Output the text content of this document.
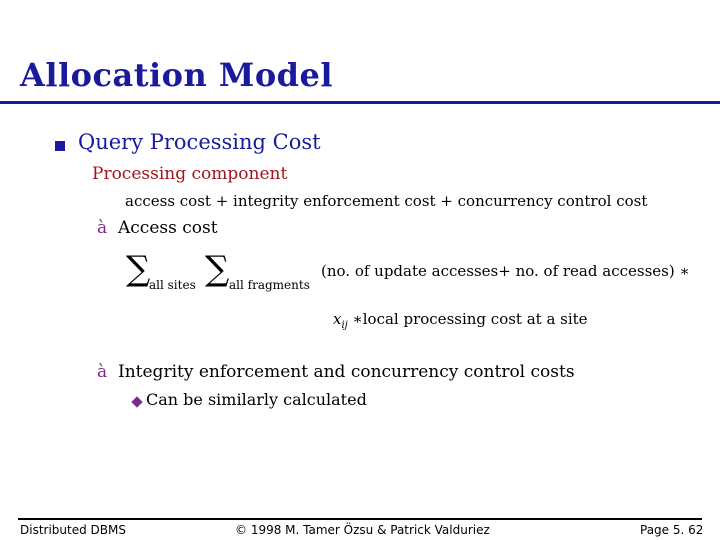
Allocation Model
Query Processing Cost
Processing component
access cost + integrity enforcement cost + concurrency control cost
à Access cost
∑
all sites ∑ all fragments
(no. of update accesses+ no. of read accesses) ∗
$x_{ij}$ ∗local processing cost at a site
à Integrity enforcement and concurrency control costs
Can be similarly calculated
Distributed DBMS	© 1998 M. Tamer Özsu & Patrick Valduriez	Page 5. 62
